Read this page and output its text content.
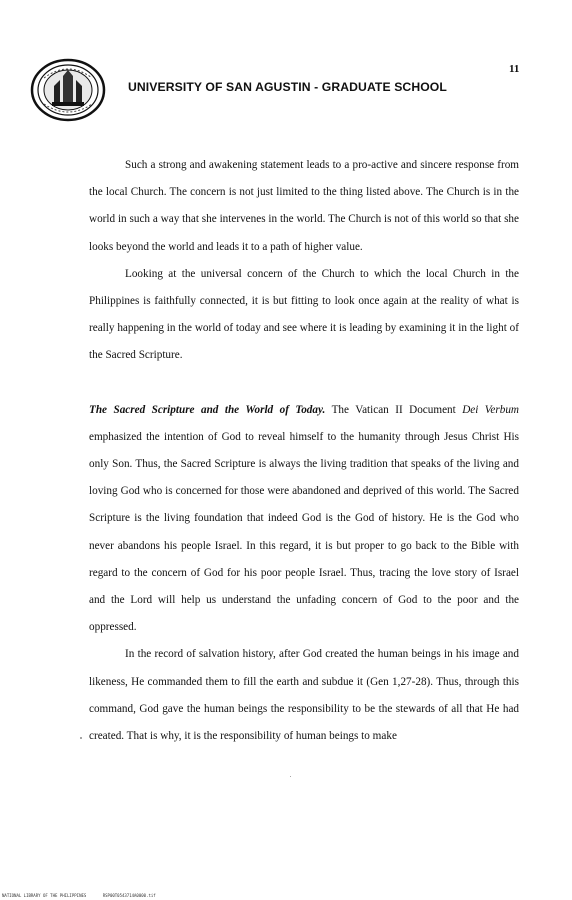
11
UNIVERSITY OF SAN AGUSTIN - GRADUATE SCHOOL

Such a strong and awakening statement leads to a pro-active and sincere response from the local Church. The concern is not just limited to the thing listed above. The Church is in the world in such a way that she intervenes in the world. The Church is not of this world so that she looks beyond the world and leads it to a path of higher value.

Looking at the universal concern of the Church to which the local Church in the Philippines is faithfully connected, it is but fitting to look once again at the reality of what is really happening in the world of today and see where it is leading by examining it in the light of the Sacred Scripture.

The Sacred Scripture and the World of Today. The Vatican II Document Dei Verbum emphasized the intention of God to reveal himself to the humanity through Jesus Christ His only Son. Thus, the Sacred Scripture is always the living tradition that speaks of the living and loving God who is concerned for those were abandoned and deprived of this world. The Sacred Scripture is the living foundation that indeed God is the God of history. He is the God who never abandons his people Israel. In this regard, it is but proper to go back to the Bible with regard to the concern of God for his poor people Israel. Thus, tracing the love story of Israel and the Lord will help us understand the unfading concern of God to the poor and the oppressed.

In the record of salvation history, after God created the human beings in his image and likeness, He commanded them to fill the earth and subdue it (Gen 1,27-28). Thus, through this command, God gave the human beings the responsibility to be the stewards of all that He had created. That is why, it is the responsibility of human beings to make

NATIONAL LIBRARY OF THE PHILIPPINES	RSP00T0543714A0000.tif
